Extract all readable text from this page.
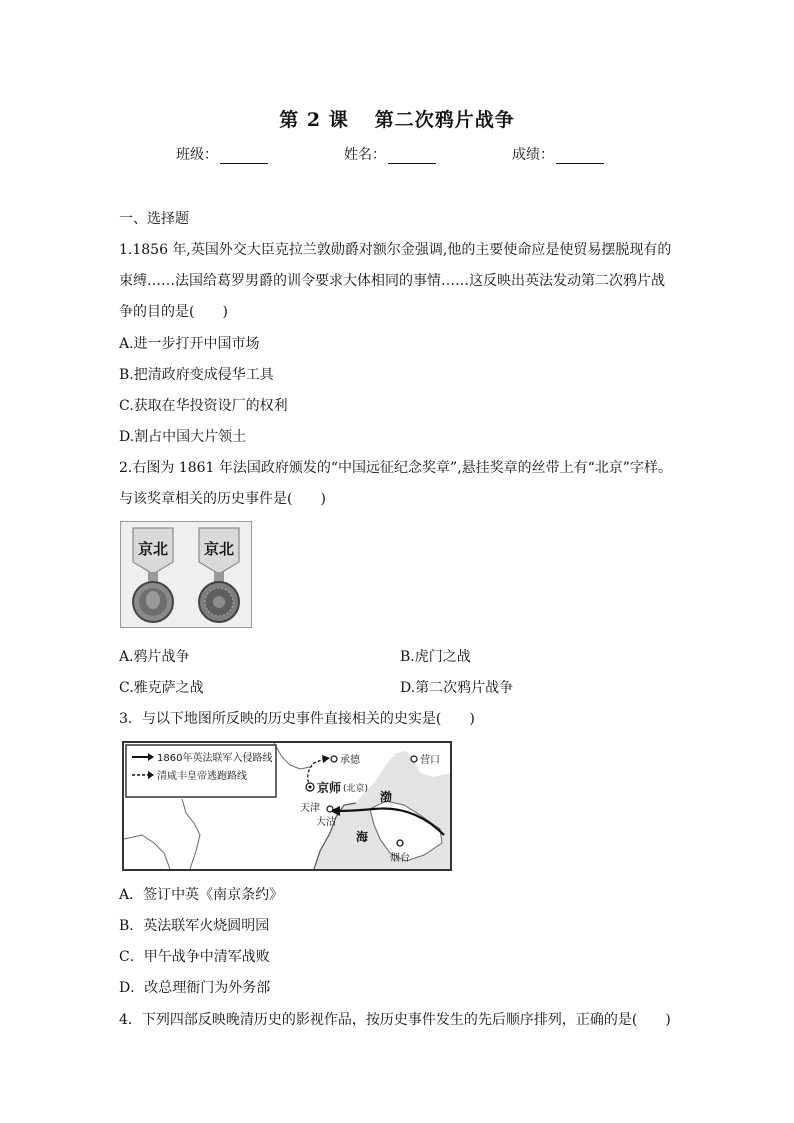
第 2 课 第二次鸦片战争
班级：	姓名：	成绩：
一、选择题
1.1856 年,英国外交大臣克拉兰敦勋爵对额尔金强调,他的主要使命应是使贸易摆脱现有的
束缚……法国给葛罗男爵的训令要求大体相同的事情……这反映出英法发动第二次鸦片战
争的目的是(　　)
A.进一步打开中国市场
B.把清政府变成侵华工具
C.获取在华投资设厂的权利
D.割占中国大片领土
2.右图为 1861 年法国政府颁发的“中国远征纪念奖章”,悬挂奖章的丝带上有“北京”字样。
与该奖章相关的历史事件是(　　)
京北 京北
A.鸦片战争	B.虎门之战
C.雅克萨之战	D.第二次鸦片战争
3．与以下地图所反映的历史事件直接相关的史实是(　　)
1860年英法联军入侵路线
清咸丰皇帝逃跑路线
承德
京师 (北京)
营口
渤
海
天津
大沽
烟台
A．签订中英《南京条约》
B．英法联军火烧圆明园
C．甲午战争中清军战败
D．改总理衙门为外务部
4．下列四部反映晚清历史的影视作品，按历史事件发生的先后顺序排列，正确的是(　　)
